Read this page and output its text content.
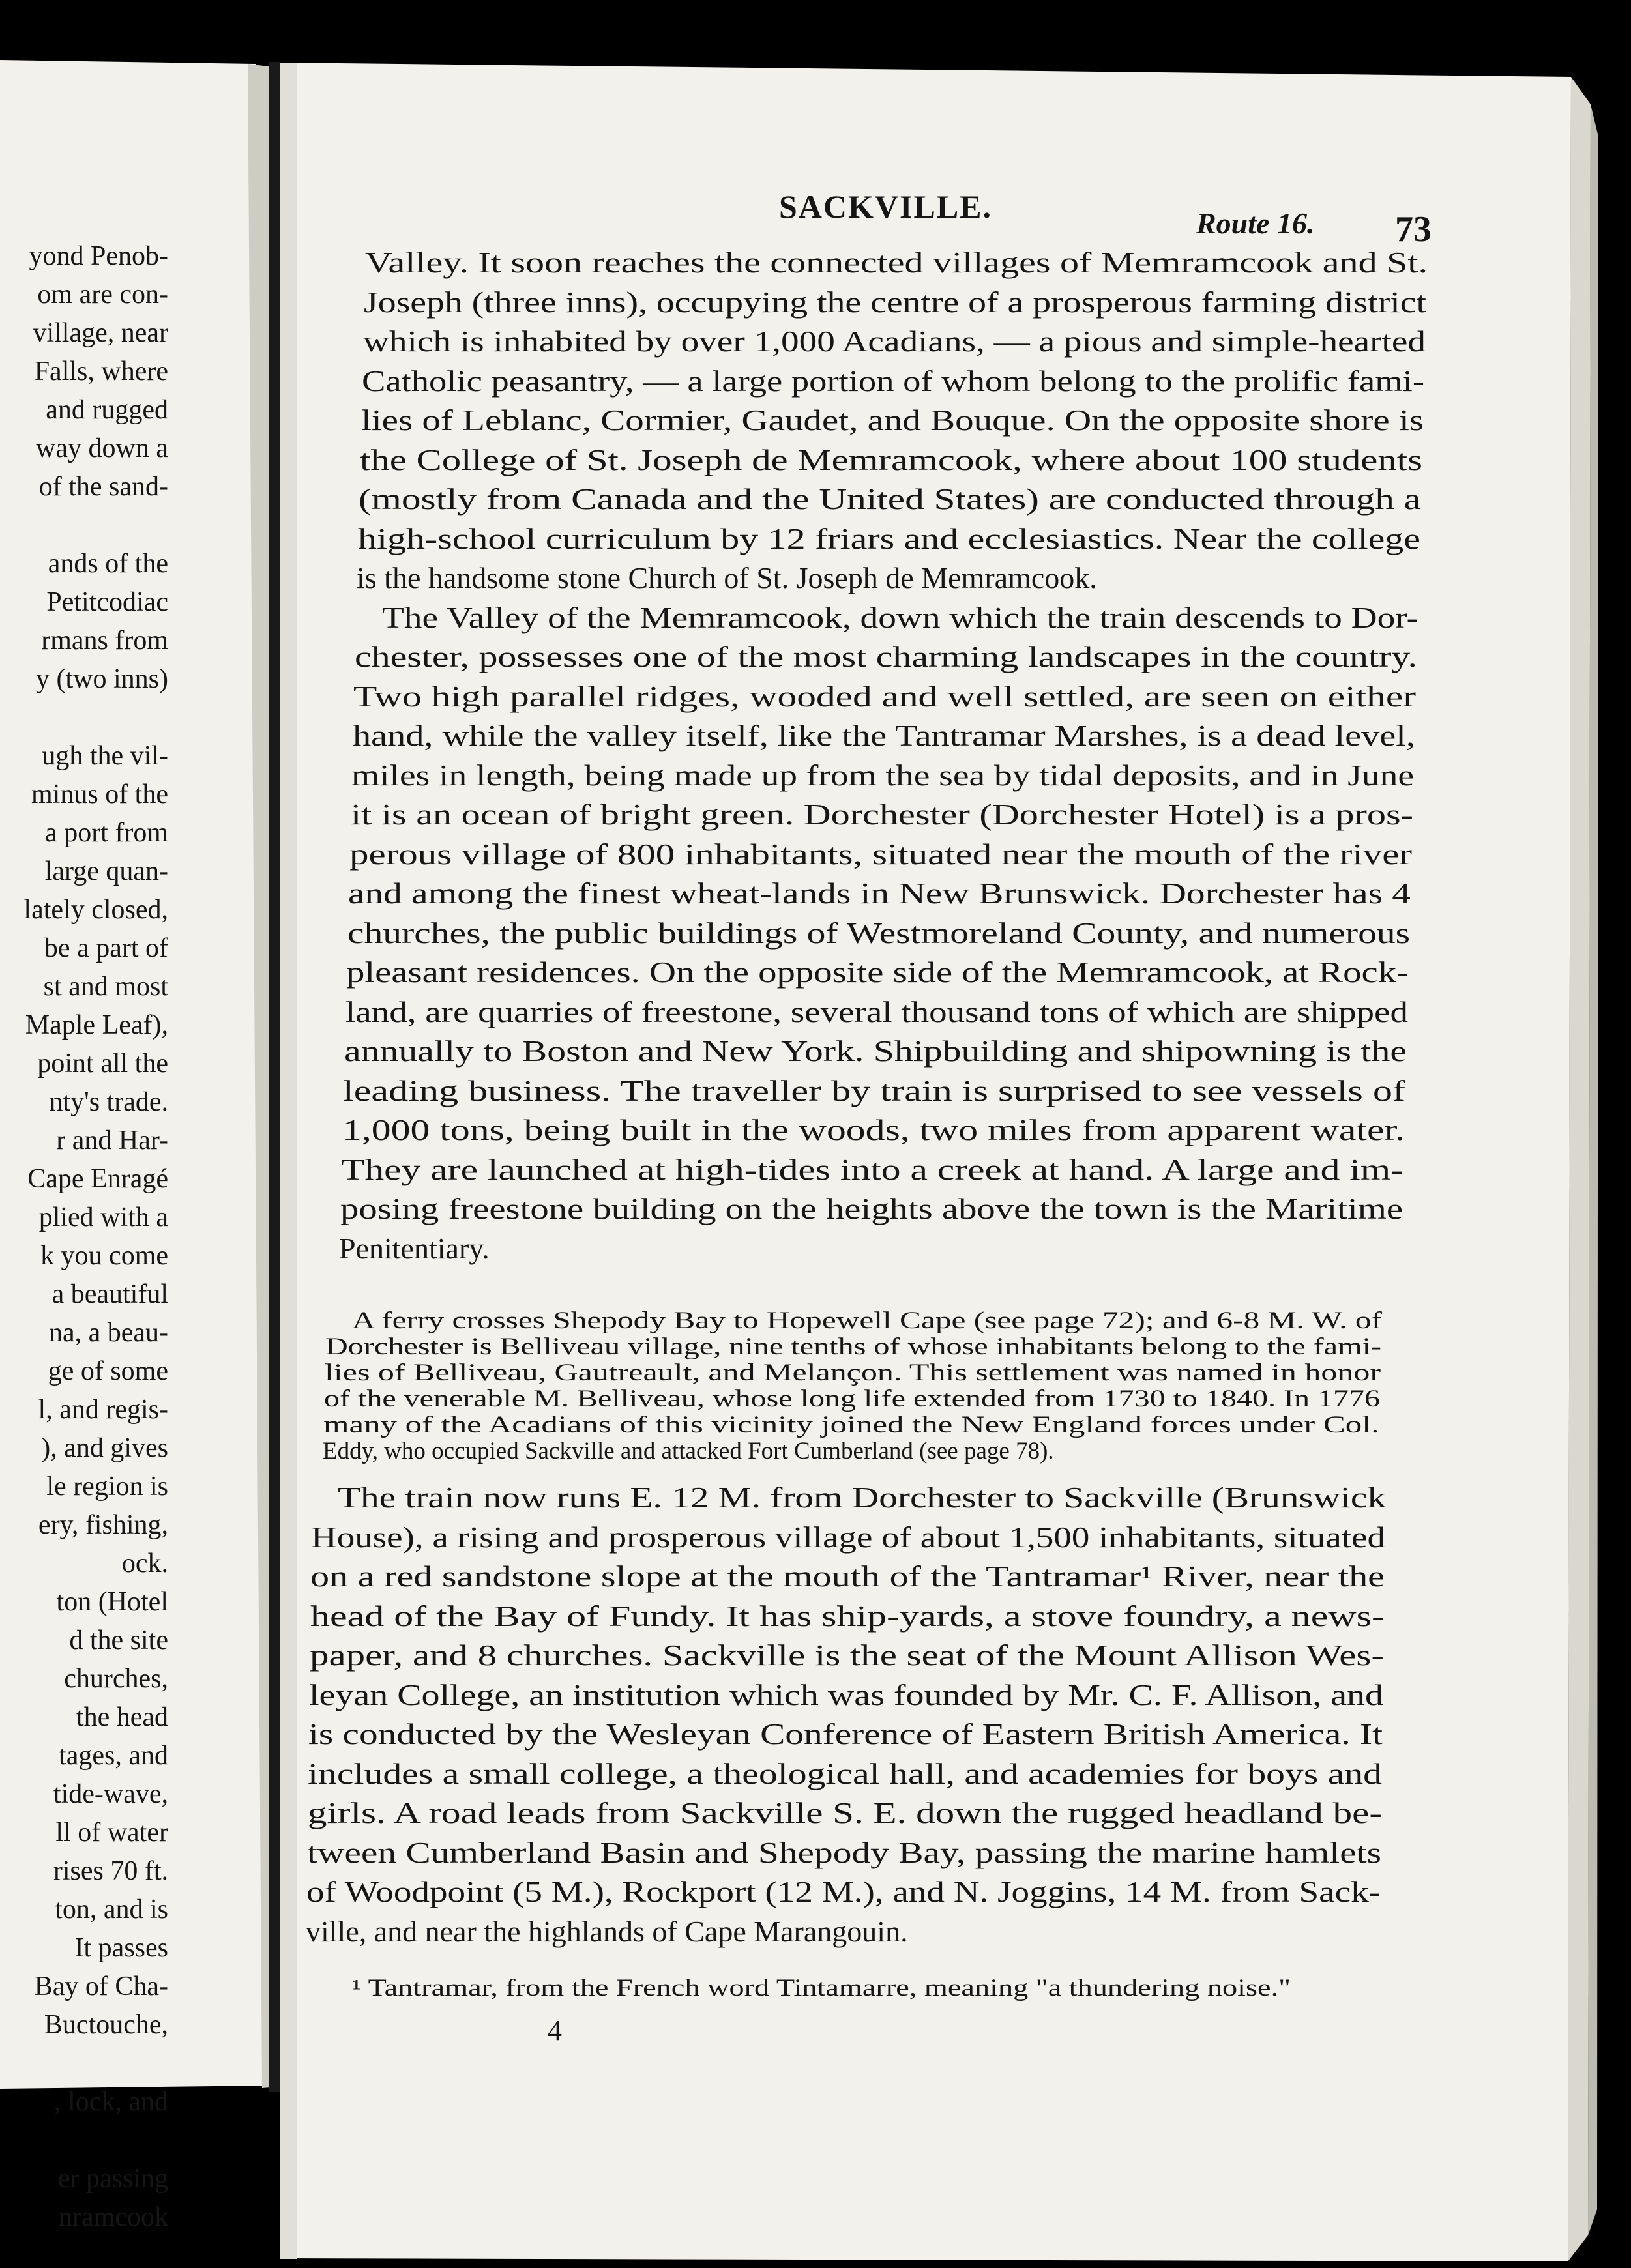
yond Penob-
om are con-
village, near
Falls, where
and rugged
way down a
of the sand-
ands of the
Petitcodiac
rmans from
y (two inns)
ugh the vil-
minus of the
a port from
large quan-
lately closed,
be a part of
st and most
Maple Leaf),
point all the
nty's trade.
r and Har-
Cape Enragé
plied with a
k you come
a beautiful
na, a beau-
ge of some
l, and regis-
), and gives
le region is
ery, fishing,
ock.
ton (Hotel
d the site
churches,
the head
tages, and
tide-wave,
ll of water
rises 70 ft.
ton, and is
It passes
Bay of Cha-
Buctouche,
, lock, and
er passing
nramcook
SACKVILLE.	Route 16. 73
Valley. It soon reaches the connected villages of Memramcook and St.
Joseph (three inns), occupying the centre of a prosperous farming district
which is inhabited by over 1,000 Acadians, — a pious and simple-hearted
Catholic peasantry, — a large portion of whom belong to the prolific fami-
lies of Leblanc, Cormier, Gaudet, and Bouque. On the opposite shore is
the College of St. Joseph de Memramcook, where about 100 students
(mostly from Canada and the United States) are conducted through a
high-school curriculum by 12 friars and ecclesiastics. Near the college
is the handsome stone Church of St. Joseph de Memramcook.
The Valley of the Memramcook, down which the train descends to Dor-
chester, possesses one of the most charming landscapes in the country.
Two high parallel ridges, wooded and well settled, are seen on either
hand, while the valley itself, like the Tantramar Marshes, is a dead level,
miles in length, being made up from the sea by tidal deposits, and in June
it is an ocean of bright green. Dorchester (Dorchester Hotel) is a pros-
perous village of 800 inhabitants, situated near the mouth of the river
and among the finest wheat-lands in New Brunswick. Dorchester has 4
churches, the public buildings of Westmoreland County, and numerous
pleasant residences. On the opposite side of the Memramcook, at Rock-
land, are quarries of freestone, several thousand tons of which are shipped
annually to Boston and New York. Shipbuilding and shipowning is the
leading business. The traveller by train is surprised to see vessels of
1,000 tons, being built in the woods, two miles from apparent water.
They are launched at high-tides into a creek at hand. A large and im-
posing freestone building on the heights above the town is the Maritime
Penitentiary.
A ferry crosses Shepody Bay to Hopewell Cape (see page 72); and 6-8 M. W. of
Dorchester is Belliveau village, nine tenths of whose inhabitants belong to the fami-
lies of Belliveau, Gautreault, and Melançon. This settlement was named in honor
of the venerable M. Belliveau, whose long life extended from 1730 to 1840. In 1776
many of the Acadians of this vicinity joined the New England forces under Col.
Eddy, who occupied Sackville and attacked Fort Cumberland (see page 78).
The train now runs E. 12 M. from Dorchester to Sackville (Brunswick
House), a rising and prosperous village of about 1,500 inhabitants, situated
on a red sandstone slope at the mouth of the Tantramar¹ River, near the
head of the Bay of Fundy. It has ship-yards, a stove foundry, a news-
paper, and 8 churches. Sackville is the seat of the Mount Allison Wes-
leyan College, an institution which was founded by Mr. C. F. Allison, and
is conducted by the Wesleyan Conference of Eastern British America. It
includes a small college, a theological hall, and academies for boys and
girls. A road leads from Sackville S. E. down the rugged headland be-
tween Cumberland Basin and Shepody Bay, passing the marine hamlets
of Woodpoint (5 M.), Rockport (12 M.), and N. Joggins, 14 M. from Sack-
ville, and near the highlands of Cape Marangouin.
¹ Tantramar, from the French word Tintamarre, meaning "a thundering noise."
4
